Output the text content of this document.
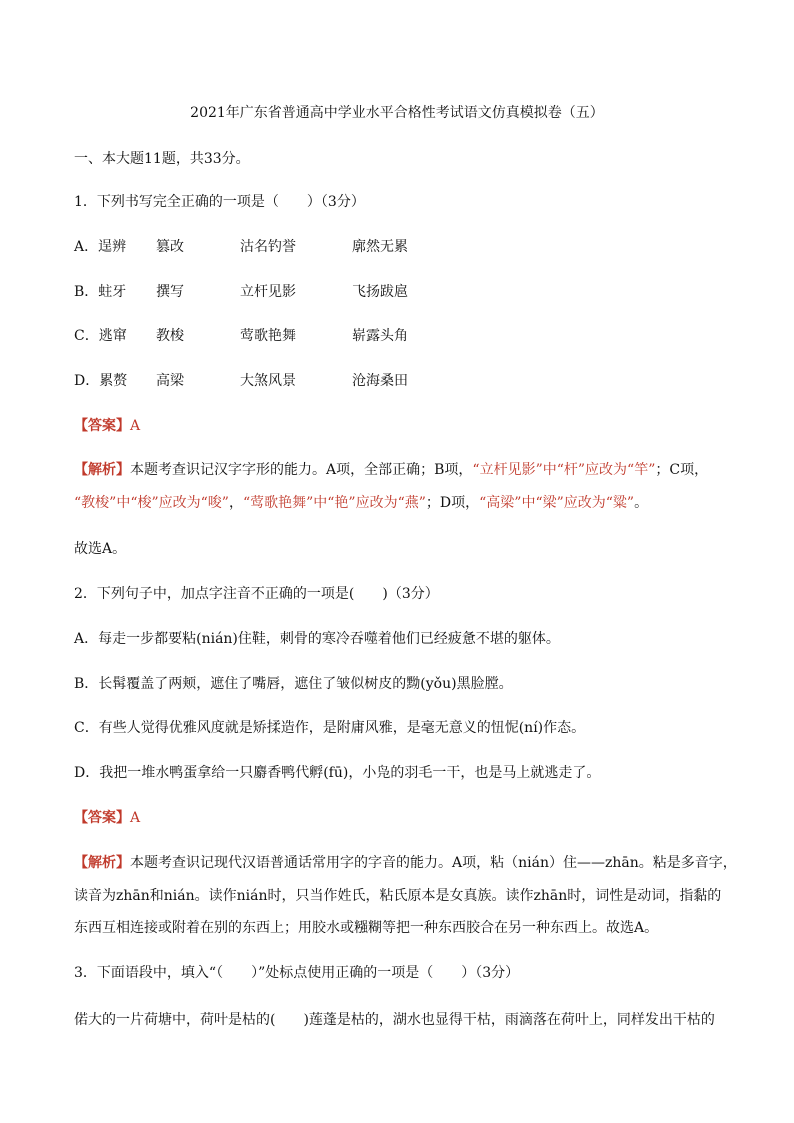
2021年广东省普通高中学业水平合格性考试语文仿真模拟卷（五）
一、本大题11题，共33分。
1．下列书写完全正确的一项是（　　）（3分）
A．逞辨 篡改	沽名钓誉	廓然无累
B．蛀牙 撰写	立杆见影	飞扬跋扈
C．逃窜 教梭	莺歌艳舞	崭露头角
D．累赘 高梁	大煞风景	沧海桑田
【答案】A
【解析】本题考查识记汉字字形的能力。A项，全部正确；B项，“立杆见影”中“杆”应改为“竿”；C项，
“教梭”中“梭”应改为“唆”，“莺歌艳舞”中“艳”应改为“燕”；D项，“高梁”中“梁”应改为“粱”。
故选A。
2．下列句子中，加点字注音不正确的一项是(　　)（3分）
A．每走一步都要粘(nián)住鞋，刺骨的寒冷吞噬着他们已经疲惫不堪的躯体。
B．长髯覆盖了两颊，遮住了嘴唇，遮住了皱似树皮的黝(yǒu)黑脸膛。
C．有些人觉得优雅风度就是矫揉造作，是附庸风雅，是毫无意义的忸怩(ní)作态。
D．我把一堆水鸭蛋拿给一只麝香鸭代孵(fū)，小凫的羽毛一干，也是马上就逃走了。
【答案】A
【解析】本题考查识记现代汉语普通话常用字的字音的能力。A项，粘（nián）住——zhān。粘是多音字，
读音为zhān和nián。读作nián时，只当作姓氏，粘氏原本是女真族。读作zhān时，词性是动词，指黏的
东西互相连接或附着在别的东西上；用胶水或糨糊等把一种东西胶合在另一种东西上。故选A。
3．下面语段中，填入“（　　）”处标点使用正确的一项是（　　）（3分）
偌大的一片荷塘中，荷叶是枯的(　　)莲蓬是枯的，湖水也显得干枯，雨滴落在荷叶上，同样发出干枯的
